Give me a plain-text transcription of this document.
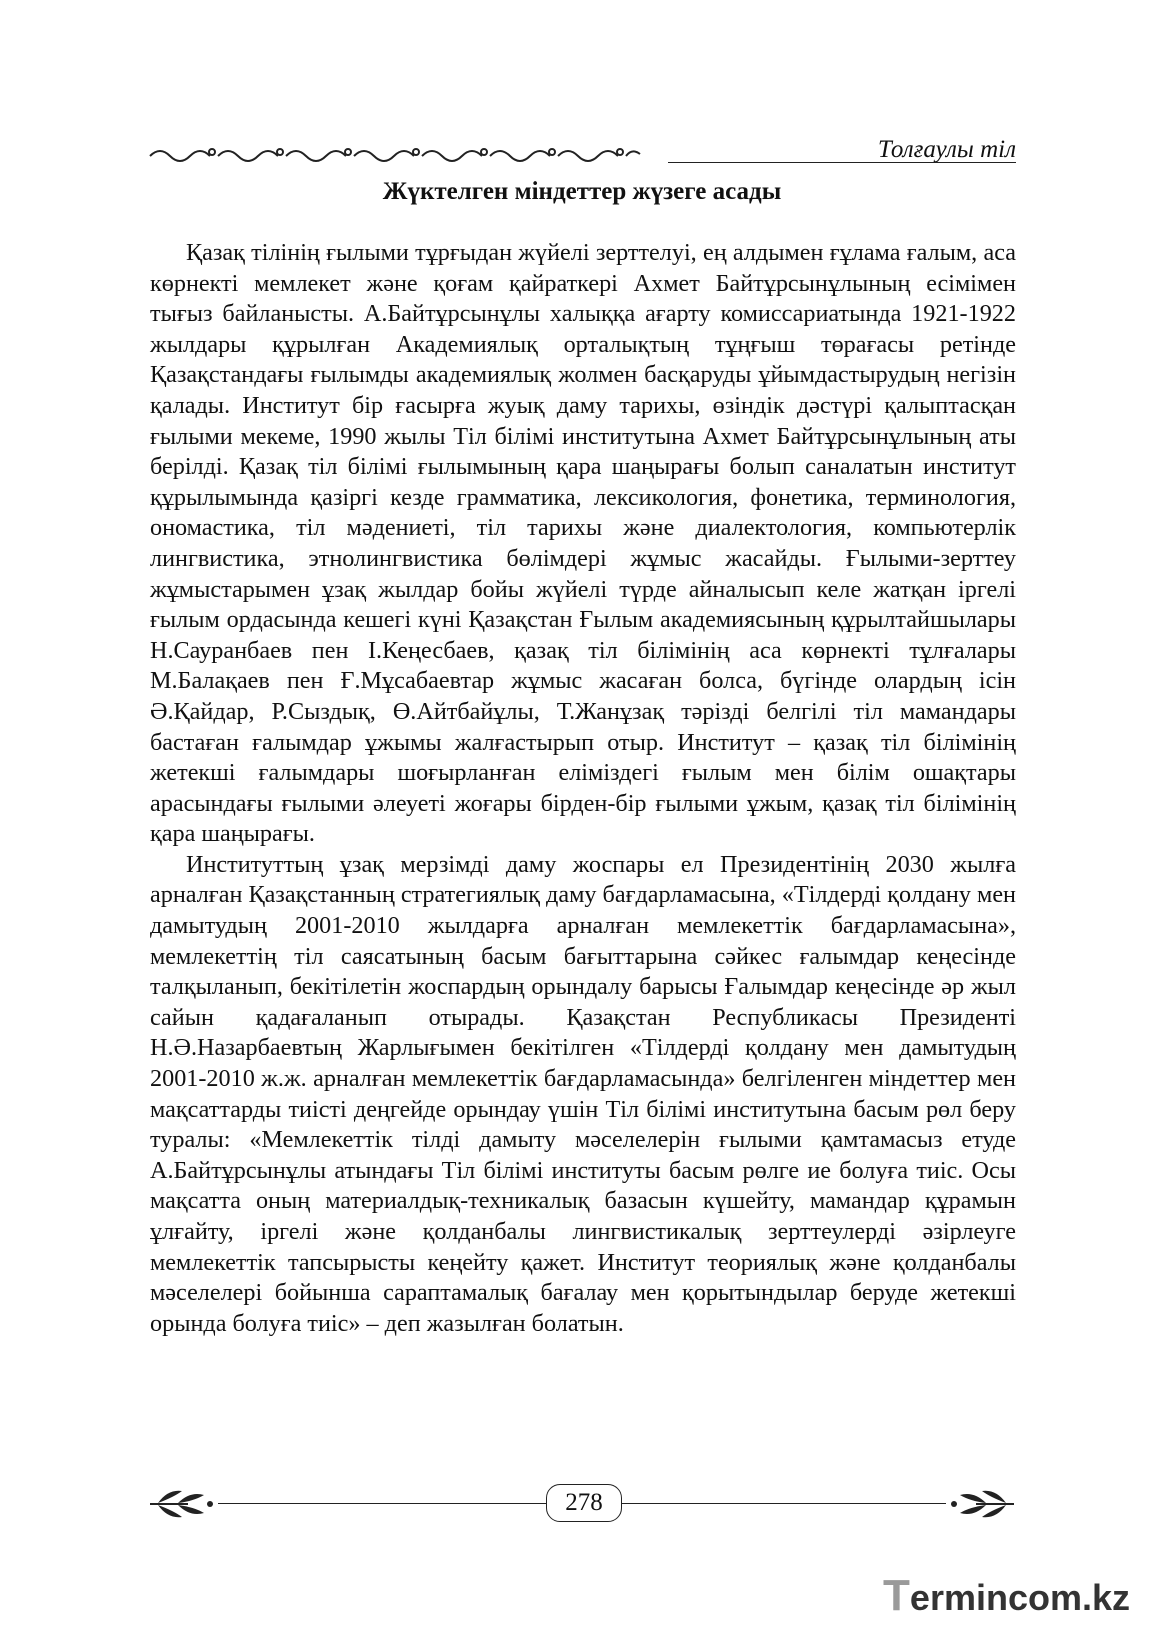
Толғаулы тіл
Жүктелген міндеттер жүзеге асады

Қазақ тілінің ғылыми тұрғыдан жүйелі зерттелуі, ең алдымен ғұлама ғалым, аса көрнекті мемлекет және қоғам қайраткері Ахмет Байтұрсынұлының есімімен тығыз байланысты. А.Байтұрсынұлы халыққа ағарту комиссариатында 1921-1922 жылдары құрылған Академиялық орталықтың тұңғыш төрағасы ретінде Қазақстандағы ғылымды академиялық жолмен басқаруды ұйымдастырудың негізін қалады. Институт бір ғасырға жуық даму тарихы, өзіндік дәстүрі қалыптасқан ғылыми мекеме, 1990 жылы Тіл білімі институтына Ахмет Байтұрсынұлының аты берілді. Қазақ тіл білімі ғылымының қара шаңырағы болып саналатын институт құрылымында қазіргі кезде грамматика, лексикология, фонетика, терминология, ономастика, тіл мәдениеті, тіл тарихы және диалектология, компьютерлік лингвистика, этнолингвистика бөлімдері жұмыс жасайды. Ғылыми-зерттеу жұмыстарымен ұзақ жылдар бойы жүйелі түрде айналысып келе жатқан іргелі ғылым ордасында кешегі күні Қазақстан Ғылым академиясының құрылтайшылары Н.Сауранбаев пен І.Кеңесбаев, қазақ тіл білімінің аса көрнекті тұлғалары М.Балақаев пен Ғ.Мұсабаевтар жұмыс жасаған болса, бүгінде олардың ісін Ә.Қайдар, Р.Сыздық, Ө.Айтбайұлы, Т.Жанұзақ тәрізді белгілі тіл мамандары бастаған ғалымдар ұжымы жалғастырып отыр. Институт – қазақ тіл білімінің жетекші ғалымдары шоғырланған еліміздегі ғылым мен білім ошақтары арасындағы ғылыми әлеуеті жоғары бірден-бір ғылыми ұжым, қазақ тіл білімінің қара шаңырағы.

Институттың ұзақ мерзімді даму жоспары ел Президентінің 2030 жылға арналған Қазақстанның стратегиялық даму бағдарламасына, «Тілдерді қолдану мен дамытудың 2001-2010 жылдарға арналған мемлекеттік бағдарламасына», мемлекеттің тіл саясатының басым бағыттарына сәйкес ғалымдар кеңесінде талқыланып, бекітілетін жоспардың орындалу барысы Ғалымдар кеңесінде әр жыл сайын қадағаланып отырады. Қазақстан Республикасы Президенті Н.Ә.Назарбаевтың Жарлығымен бекітілген «Тілдерді қолдану мен дамытудың 2001-2010 ж.ж. арналған мемлекеттік бағдарламасында» белгіленген міндеттер мен мақсаттарды тиісті деңгейде орындау үшін Тіл білімі институтына басым рөл беру туралы: «Мемлекеттік тілді дамыту мәселелерін ғылыми қамтамасыз етуде А.Байтұрсынұлы атындағы Тіл білімі институты басым рөлге ие болуға тиіс. Осы мақсатта оның материалдық-техникалық базасын күшейту, мамандар құрамын ұлғайту, іргелі және қолданбалы лингвистикалық зерттеулерді әзірлеуге мемлекеттік тапсырысты кеңейту қажет. Институт теориялық және қолданбалы мәселелері бойынша сараптамалық бағалау мен қорытындылар беруде жетекші орында болуға тиіс» – деп жазылған болатын.

278
Termincom.kz
